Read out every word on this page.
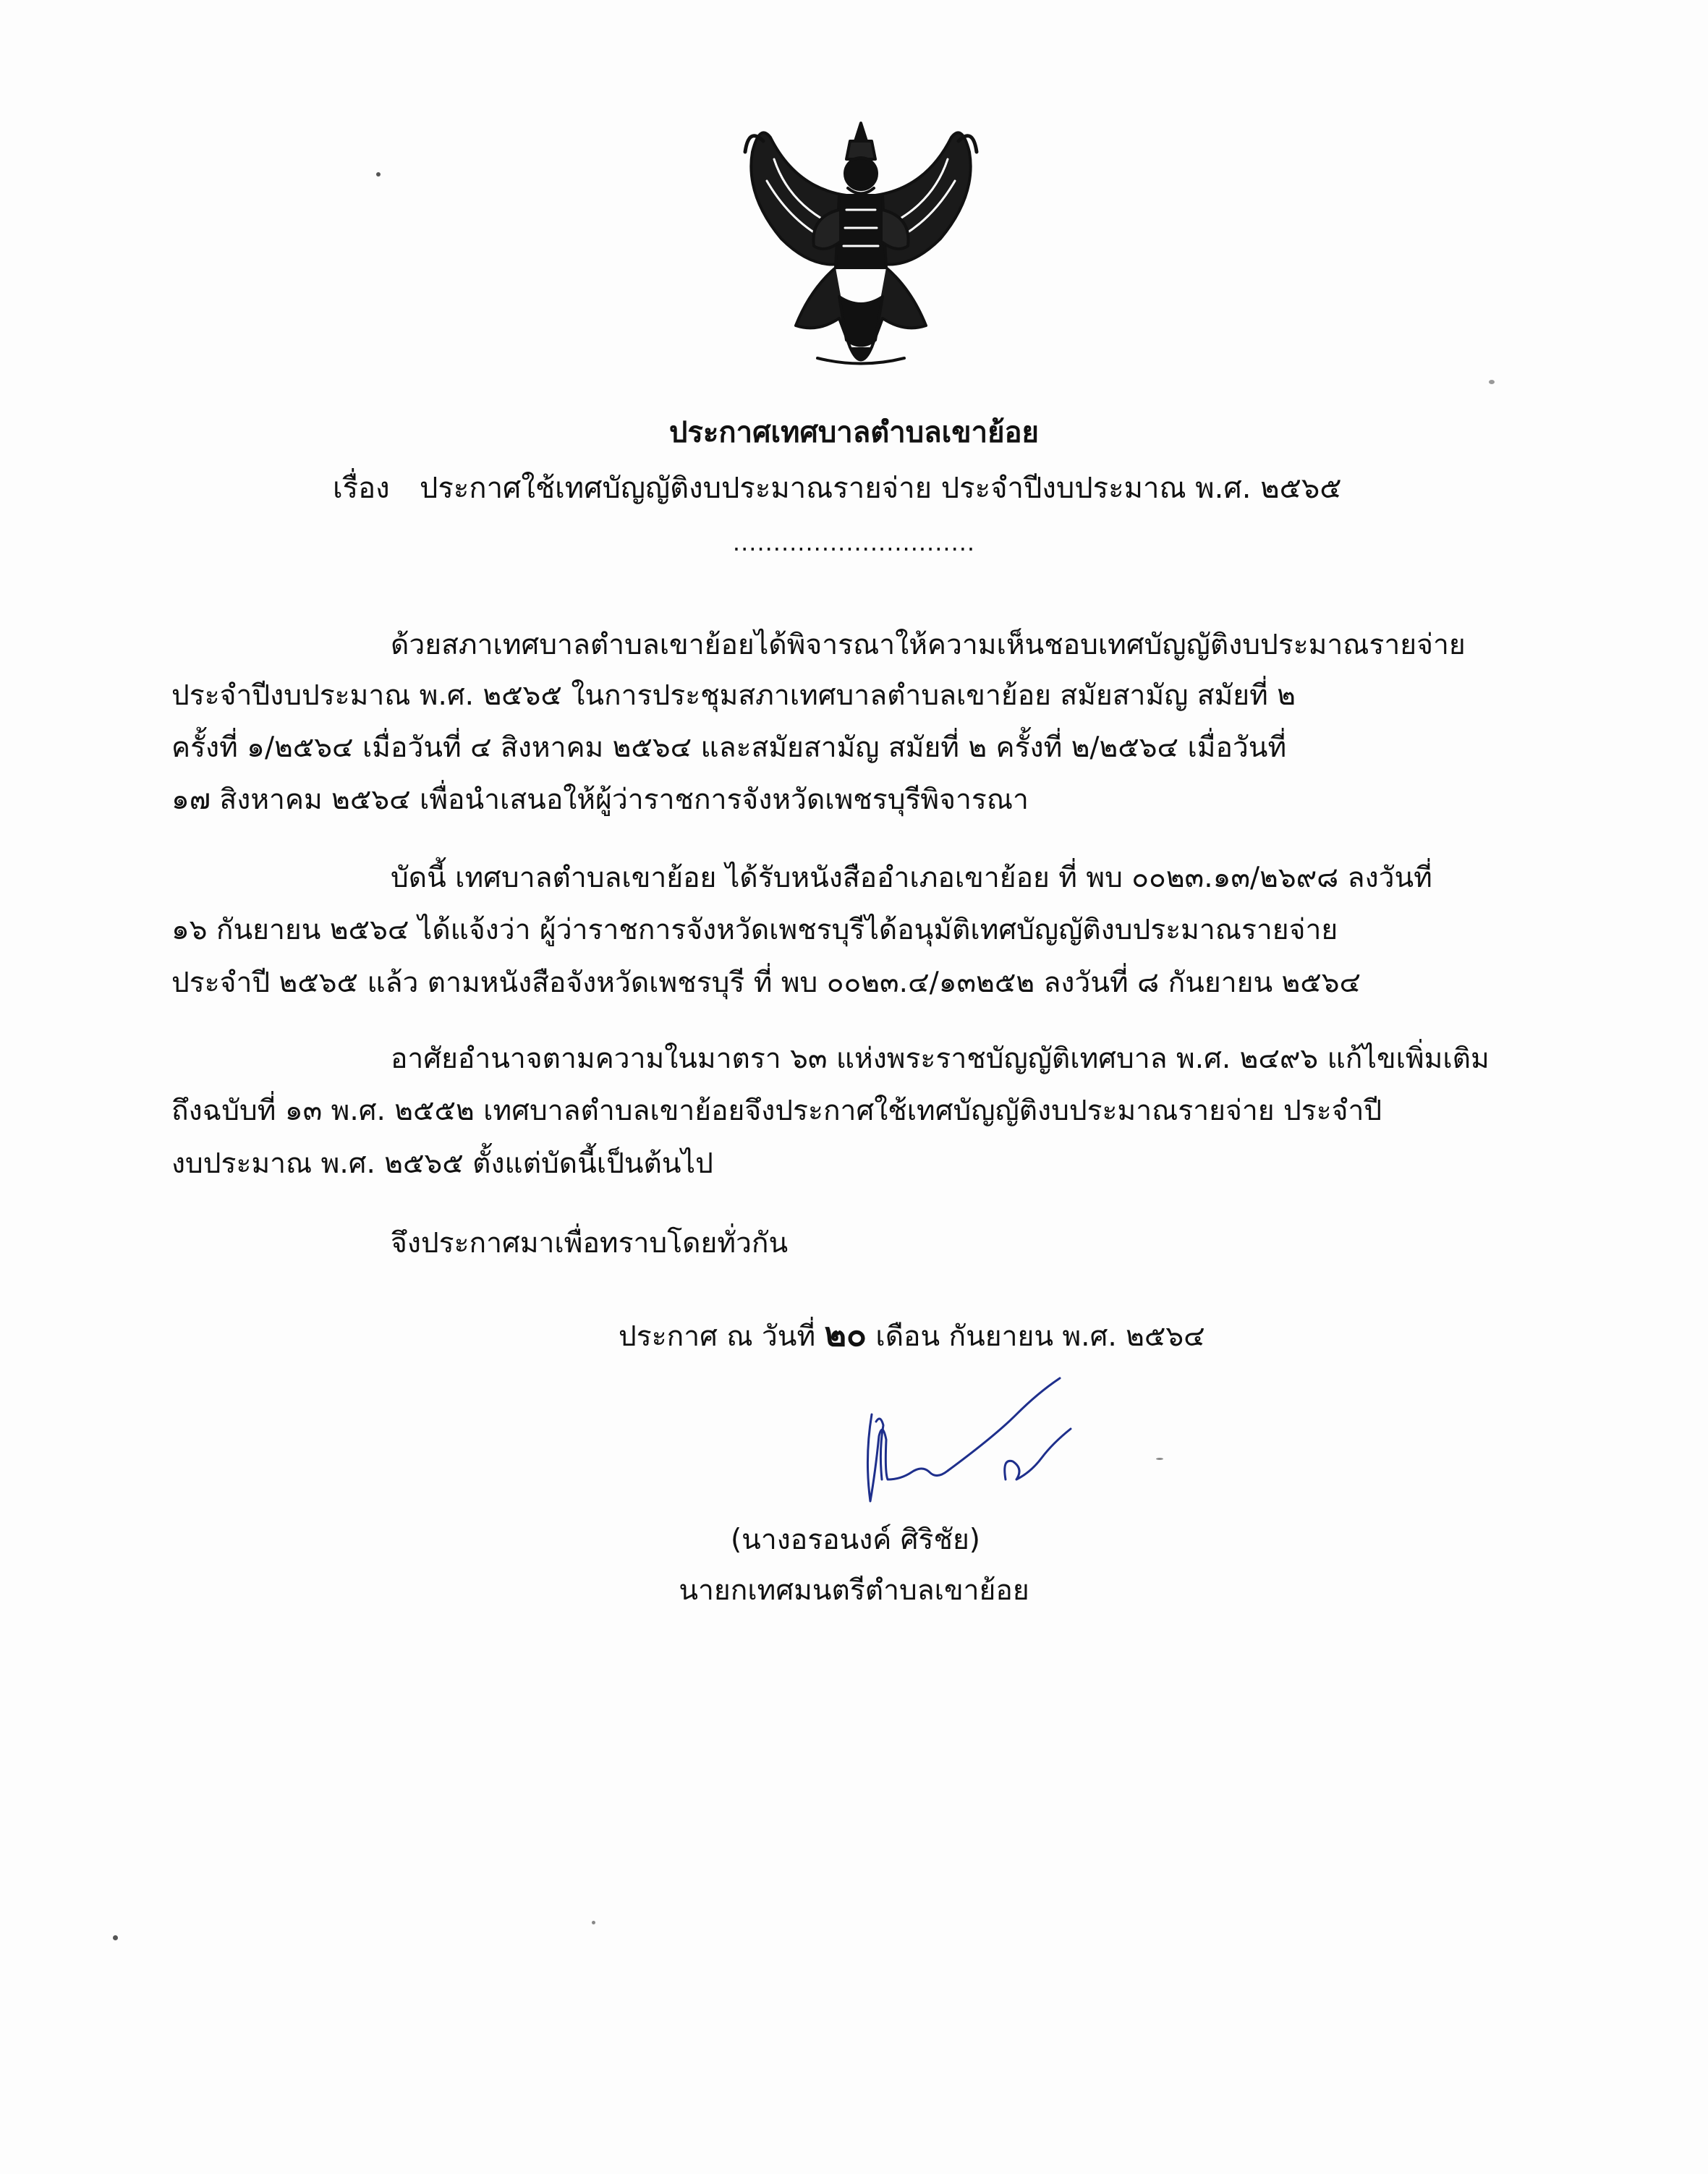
ประกาศเทศบาลตำบลเขาย้อย
เรื่อง ประกาศใช้เทศบัญญัติงบประมาณรายจ่าย ประจำปีงบประมาณ พ.ศ. ๒๕๖๕
..............................
ด้วยสภาเทศบาลตำบลเขาย้อยได้พิจารณาให้ความเห็นชอบเทศบัญญัติงบประมาณรายจ่าย
ประจำปีงบประมาณ พ.ศ. ๒๕๖๕ ในการประชุมสภาเทศบาลตำบลเขาย้อย สมัยสามัญ สมัยที่ ๒
ครั้งที่ ๑/๒๕๖๔ เมื่อวันที่ ๔ สิงหาคม ๒๕๖๔ และสมัยสามัญ สมัยที่ ๒ ครั้งที่ ๒/๒๕๖๔ เมื่อวันที่
๑๗ สิงหาคม ๒๕๖๔ เพื่อนำเสนอให้ผู้ว่าราชการจังหวัดเพชรบุรีพิจารณา
บัดนี้ เทศบาลตำบลเขาย้อย ได้รับหนังสืออำเภอเขาย้อย ที่ พบ ๐๐๒๓.๑๓/๒๖๙๘ ลงวันที่
๑๖ กันยายน ๒๕๖๔ ได้แจ้งว่า ผู้ว่าราชการจังหวัดเพชรบุรีได้อนุมัติเทศบัญญัติงบประมาณรายจ่าย
ประจำปี ๒๕๖๕ แล้ว ตามหนังสือจังหวัดเพชรบุรี ที่ พบ ๐๐๒๓.๔/๑๓๒๕๒ ลงวันที่ ๘ กันยายน ๒๕๖๔
อาศัยอำนาจตามความในมาตรา ๖๓ แห่งพระราชบัญญัติเทศบาล พ.ศ. ๒๔๙๖ แก้ไขเพิ่มเติม
ถึงฉบับที่ ๑๓ พ.ศ. ๒๕๕๒ เทศบาลตำบลเขาย้อยจึงประกาศใช้เทศบัญญัติงบประมาณรายจ่าย ประจำปี
งบประมาณ พ.ศ. ๒๕๖๕ ตั้งแต่บัดนี้เป็นต้นไป
จึงประกาศมาเพื่อทราบโดยทั่วกัน
ประกาศ ณ วันที่ ๒๐ เดือน กันยายน พ.ศ. ๒๕๖๔
(นางอรอนงค์ ศิริชัย)
นายกเทศมนตรีตำบลเขาย้อย
